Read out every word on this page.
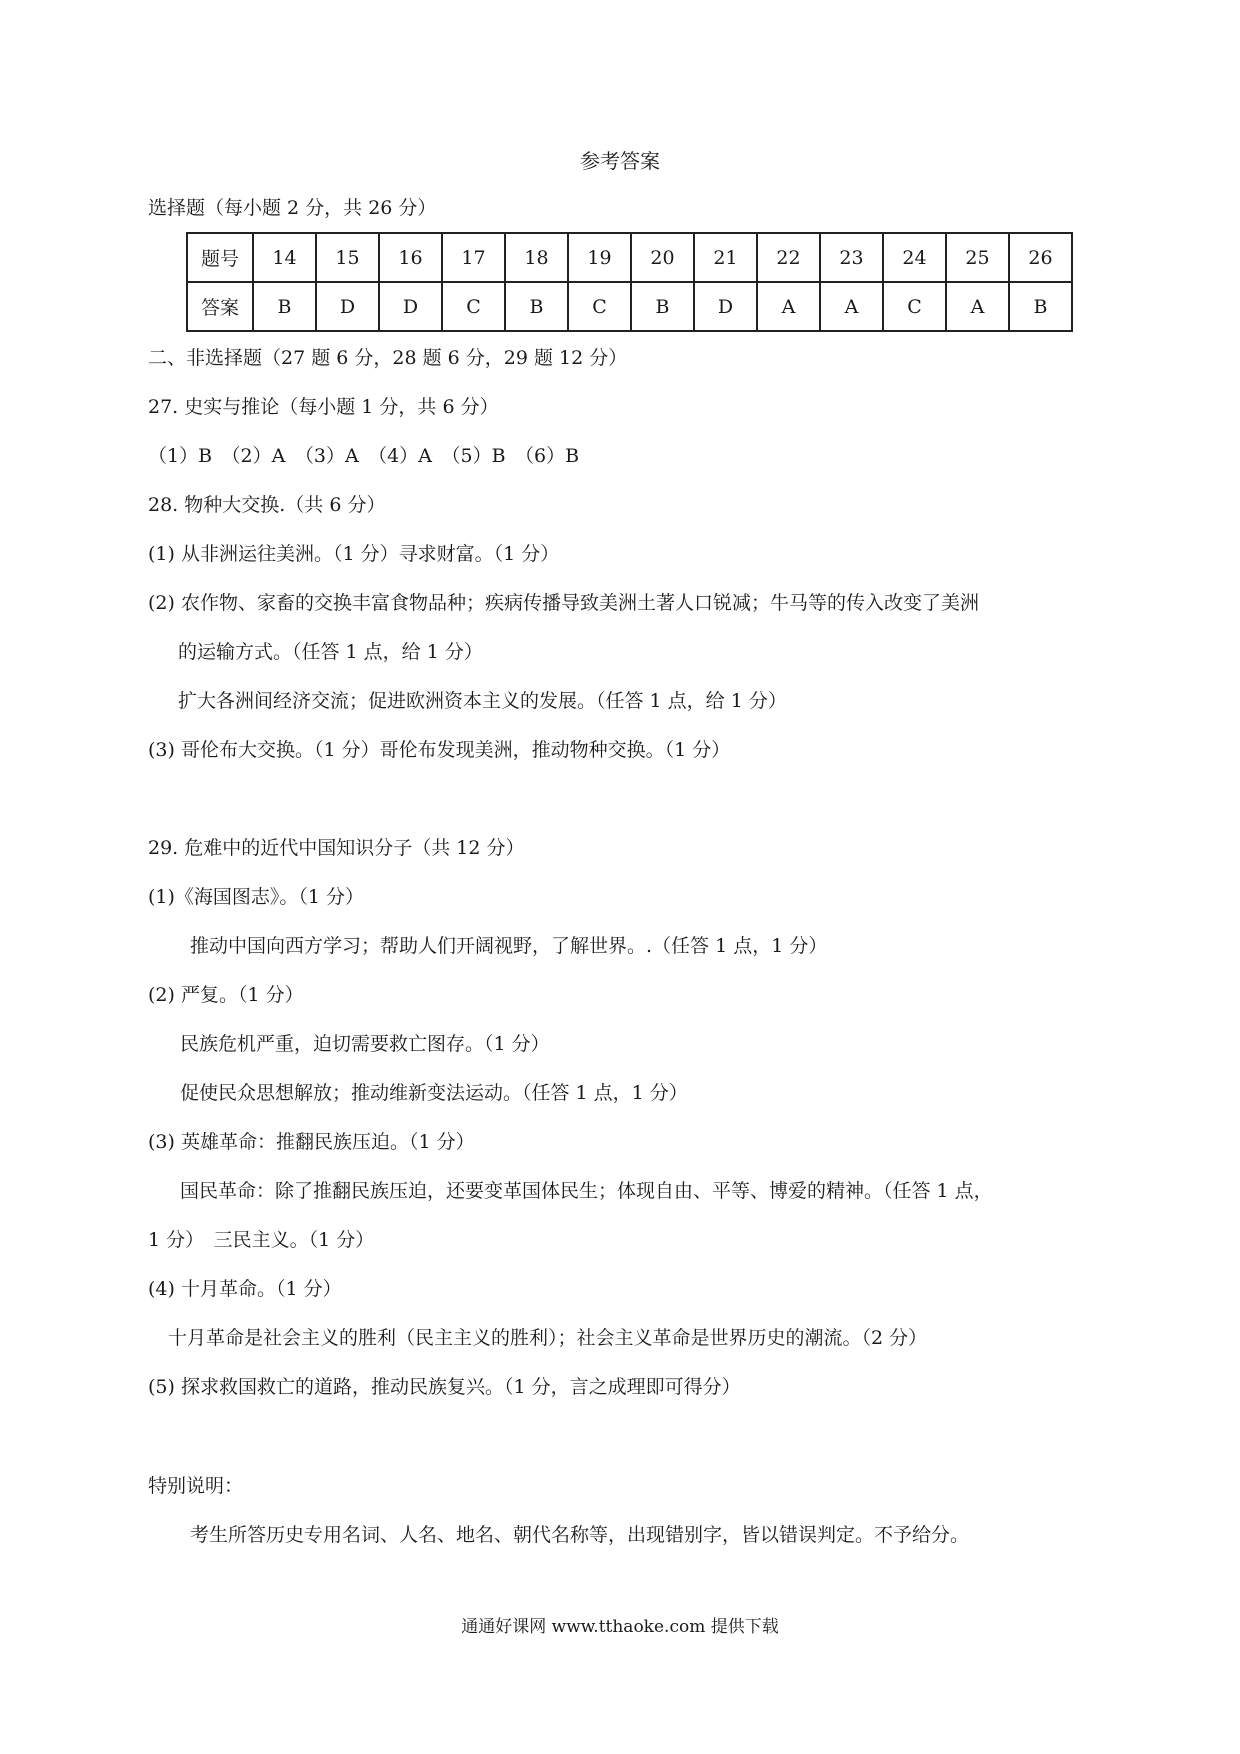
参考答案
选择题（每小题 2 分，共 26 分）
题号	14	15	16	17	18	19	20	21	22	23	24	25	26
答案	B	D	D	C	B	C	B	D	A	A	C	A	B
二、非选择题（27 题 6 分，28 题 6 分，29 题 12 分）
27. 史实与推论（每小题 1 分，共 6 分）
（1）B　（2）A　（3）A　（4）A　（5）B　（6）B
28. 物种大交换.（共 6 分）
(1) 从非洲运往美洲。（1 分）寻求财富。（1 分）
(2) 农作物、家畜的交换丰富食物品种；疾病传播导致美洲土著人口锐减；牛马等的传入改变了美洲
的运输方式。（任答 1 点，给 1 分）
扩大各洲间经济交流；促进欧洲资本主义的发展。（任答 1 点，给 1 分）
(3) 哥伦布大交换。（1 分）哥伦布发现美洲，推动物种交换。（1 分）
29. 危难中的近代中国知识分子（共 12 分）
(1)《海国图志》。（1 分）
推动中国向西方学习；帮助人们开阔视野，了解世界。.（任答 1 点，1 分）
(2) 严复。（1 分）
民族危机严重，迫切需要救亡图存。（1 分）
促使民众思想解放；推动维新变法运动。（任答 1 点，1 分）
(3) 英雄革命：推翻民族压迫。（1 分）
国民革命：除了推翻民族压迫，还要变革国体民生；体现自由、平等、博爱的精神。（任答 1 点，
1 分）　三民主义。（1 分）
(4) 十月革命。（1 分）
十月革命是社会主义的胜利（民主主义的胜利）；社会主义革命是世界历史的潮流。（2 分）
(5) 探求救国救亡的道路，推动民族复兴。（1 分，言之成理即可得分）
特别说明：
考生所答历史专用名词、人名、地名、朝代名称等，出现错别字，皆以错误判定。不予给分。
通通好课网 www.tthaoke.com 提供下载
